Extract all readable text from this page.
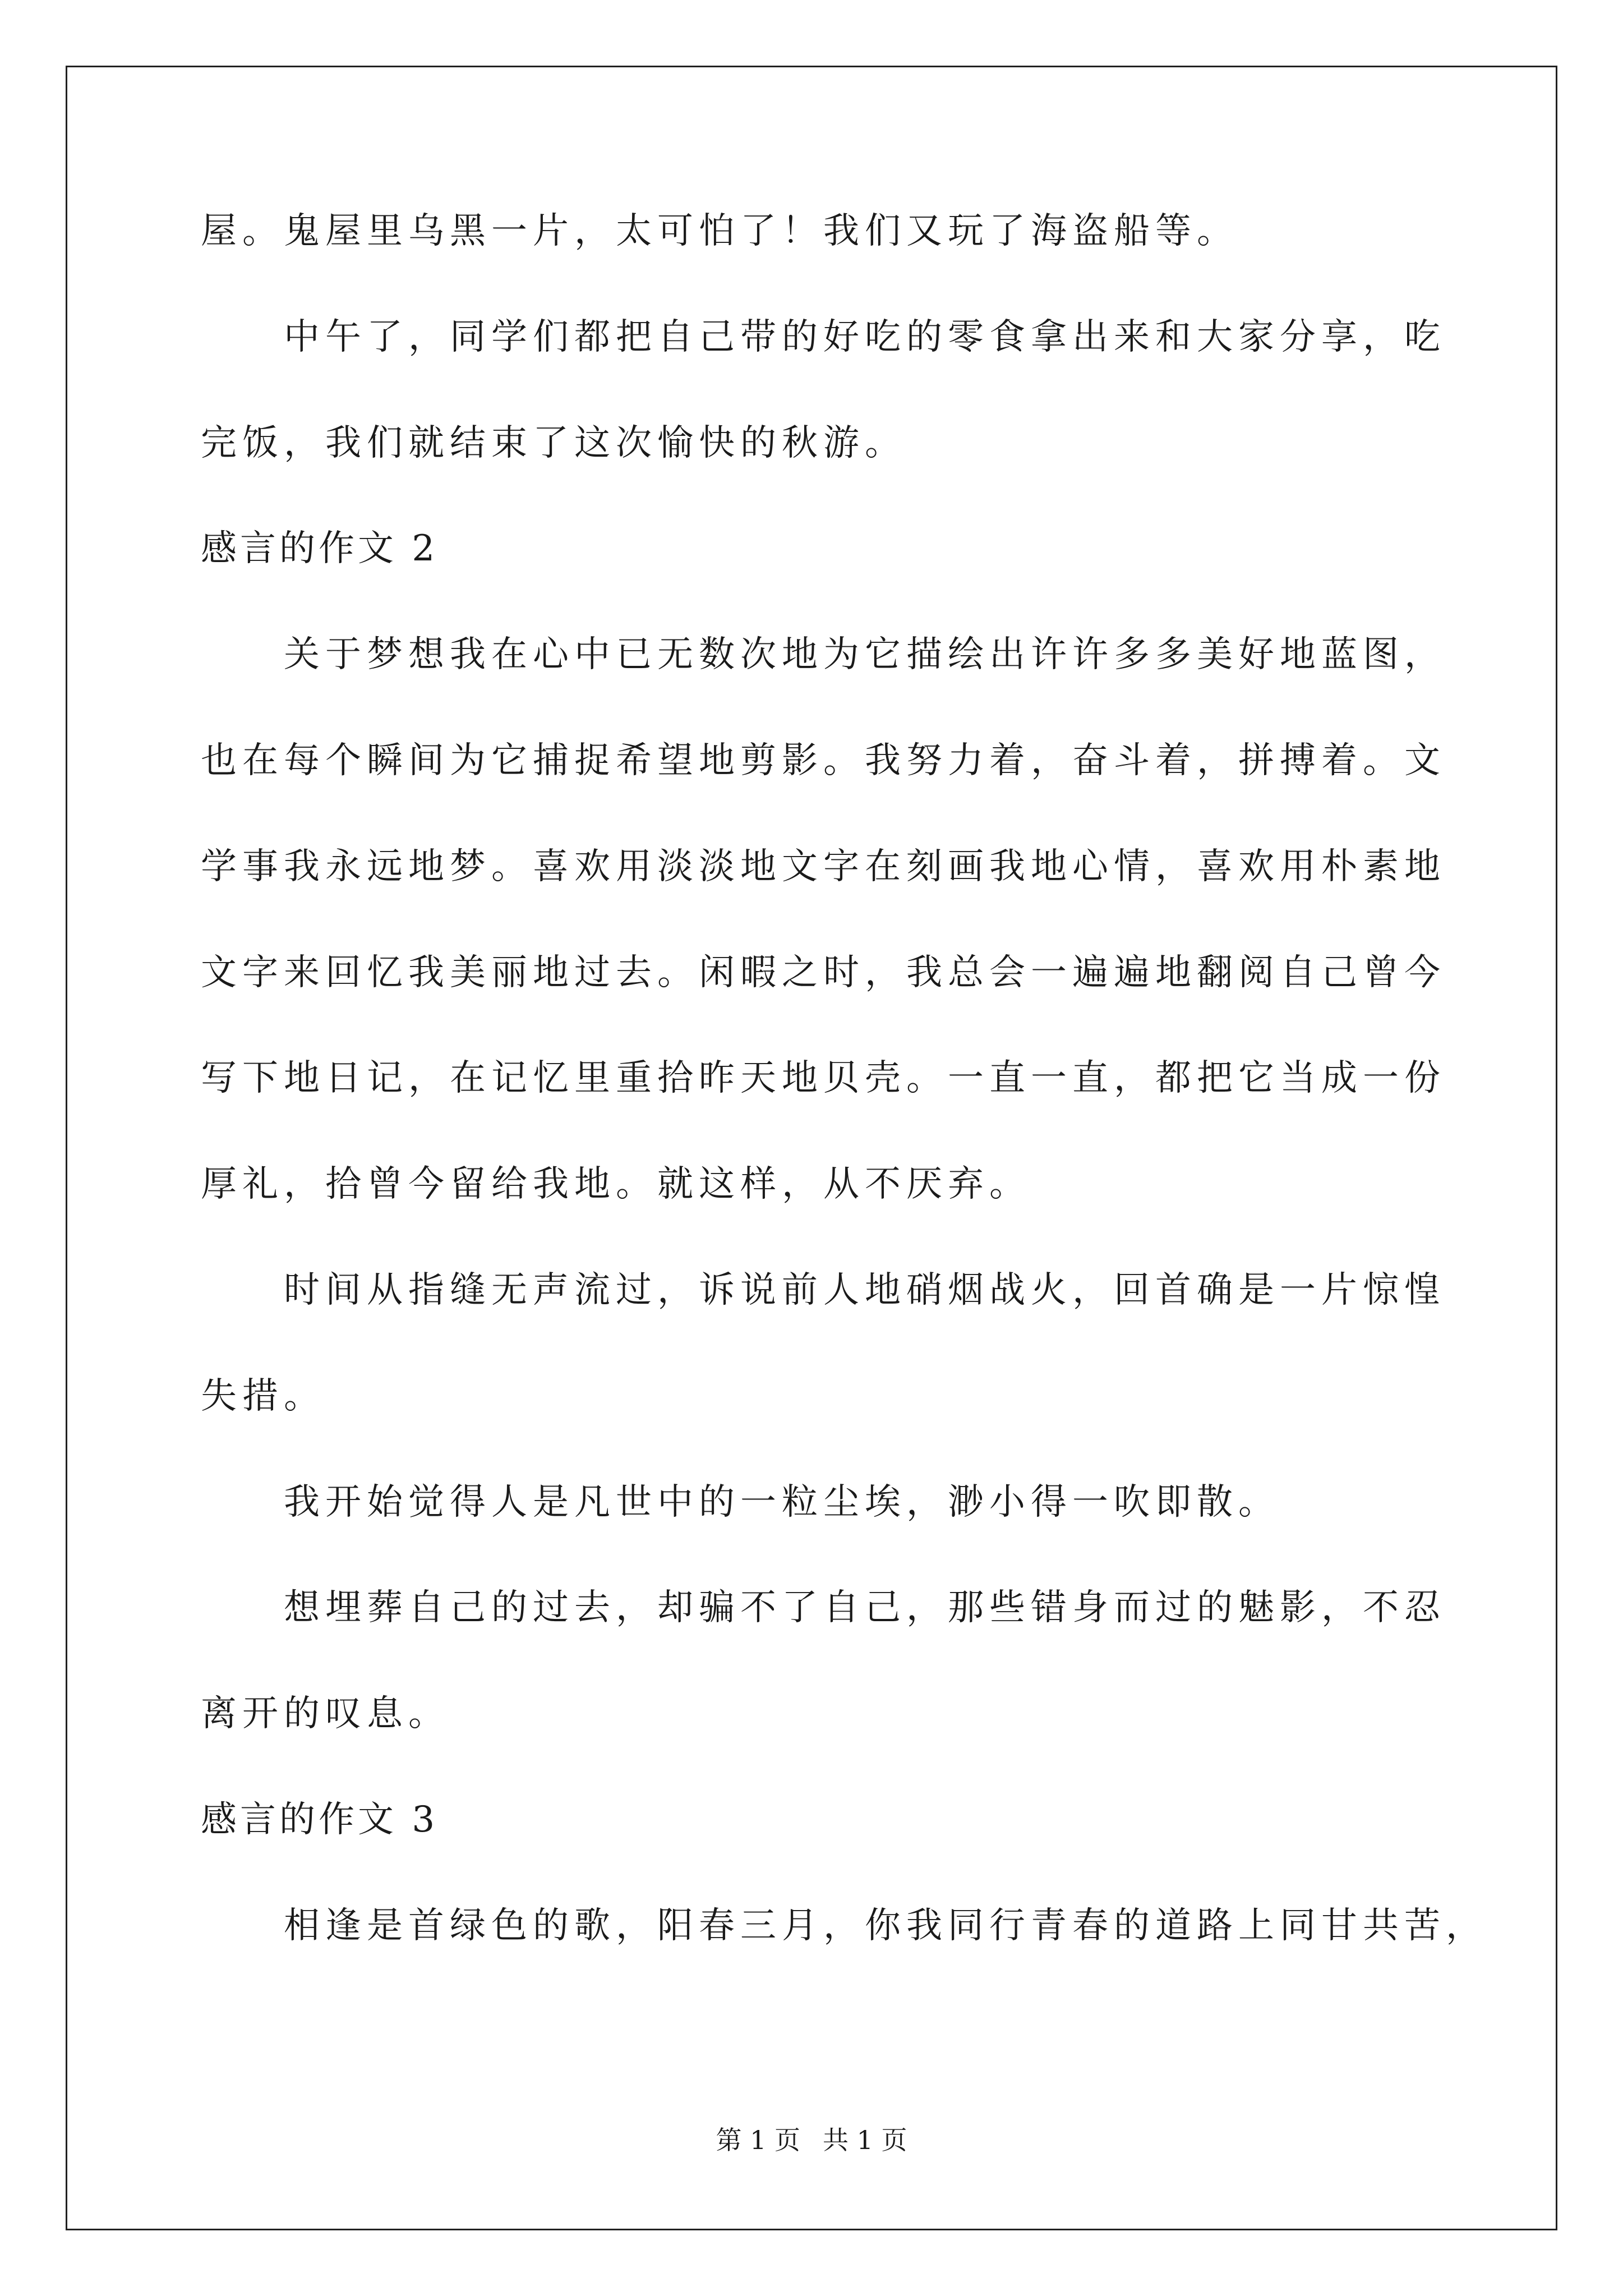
屋。鬼屋里乌黑一片，太可怕了！我们又玩了海盗船等。
中午了，同学们都把自己带的好吃的零食拿出来和大家分享，吃
完饭，我们就结束了这次愉快的秋游。
感言的作文 2
关于梦想我在心中已无数次地为它描绘出许许多多美好地蓝图，
也在每个瞬间为它捕捉希望地剪影。我努力着，奋斗着，拼搏着。文
学事我永远地梦。喜欢用淡淡地文字在刻画我地心情，喜欢用朴素地
文字来回忆我美丽地过去。闲暇之时，我总会一遍遍地翻阅自己曾今
写下地日记，在记忆里重拾昨天地贝壳。一直一直，都把它当成一份
厚礼，拾曾今留给我地。就这样，从不厌弃。
时间从指缝无声流过，诉说前人地硝烟战火，回首确是一片惊惶
失措。
我开始觉得人是凡世中的一粒尘埃，渺小得一吹即散。
想埋葬自己的过去，却骗不了自己，那些错身而过的魅影，不忍
离开的叹息。
感言的作文 3
相逢是首绿色的歌，阳春三月，你我同行青春的道路上同甘共苦，
第 1 页 共 1 页
